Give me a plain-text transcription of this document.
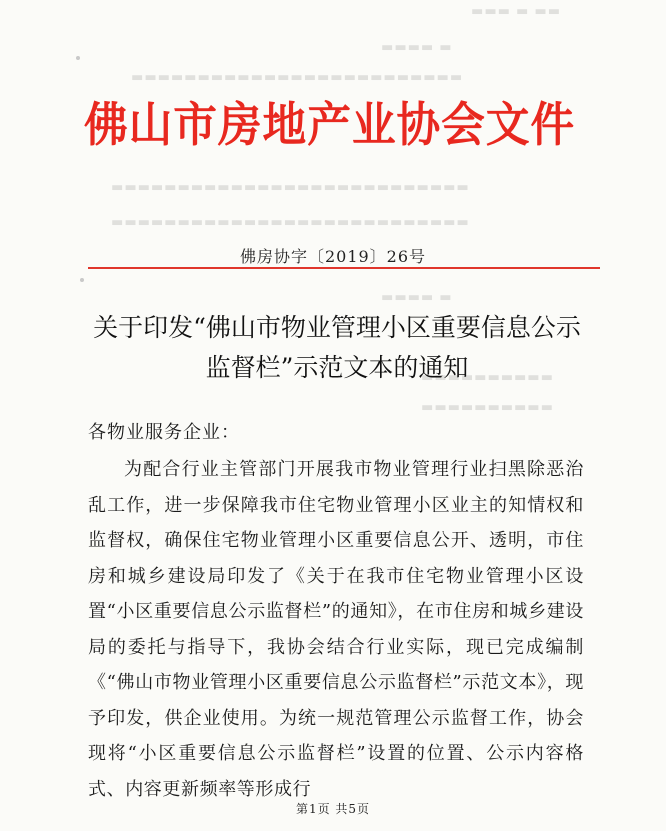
▬▬ ▬ ▬▬▬
▬ ▬▬▬▬
▬▬▬▬▬▬▬▬▬▬▬▬▬▬▬▬▬▬▬▬▬▬▬▬▬
▬▬▬▬▬▬▬▬▬▬▬▬▬▬▬▬▬▬▬▬▬▬▬▬▬▬▬
▬▬▬▬▬▬▬▬▬▬▬▬▬▬▬▬▬▬▬▬▬▬▬▬▬▬▬
▬ ▬▬▬▬
▬▬▬▬▬▬▬▬▬▬
▬▬▬▬▬▬▬▬▬▬
佛山市房地产业协会文件
佛房协字〔2019〕26号
关于印发“佛山市物业管理小区重要信息公示
监督栏”示范文本的通知
各物业服务企业：

为配合行业主管部门开展我市物业管理行业扫黑除恶治乱工作，进一步保障我市住宅物业管理小区业主的知情权和监督权，确保住宅物业管理小区重要信息公开、透明，市住房和城乡建设局印发了《关于在我市住宅物业管理小区设置“小区重要信息公示监督栏”的通知》，在市住房和城乡建设局的委托与指导下，我协会结合行业实际，现已完成编制《“佛山市物业管理小区重要信息公示监督栏”示范文本》，现予印发，供企业使用。为统一规范管理公示监督工作，协会现将“小区重要信息公示监督栏”设置的位置、公示内容格式、内容更新频率等形成行

第1页 共5页
